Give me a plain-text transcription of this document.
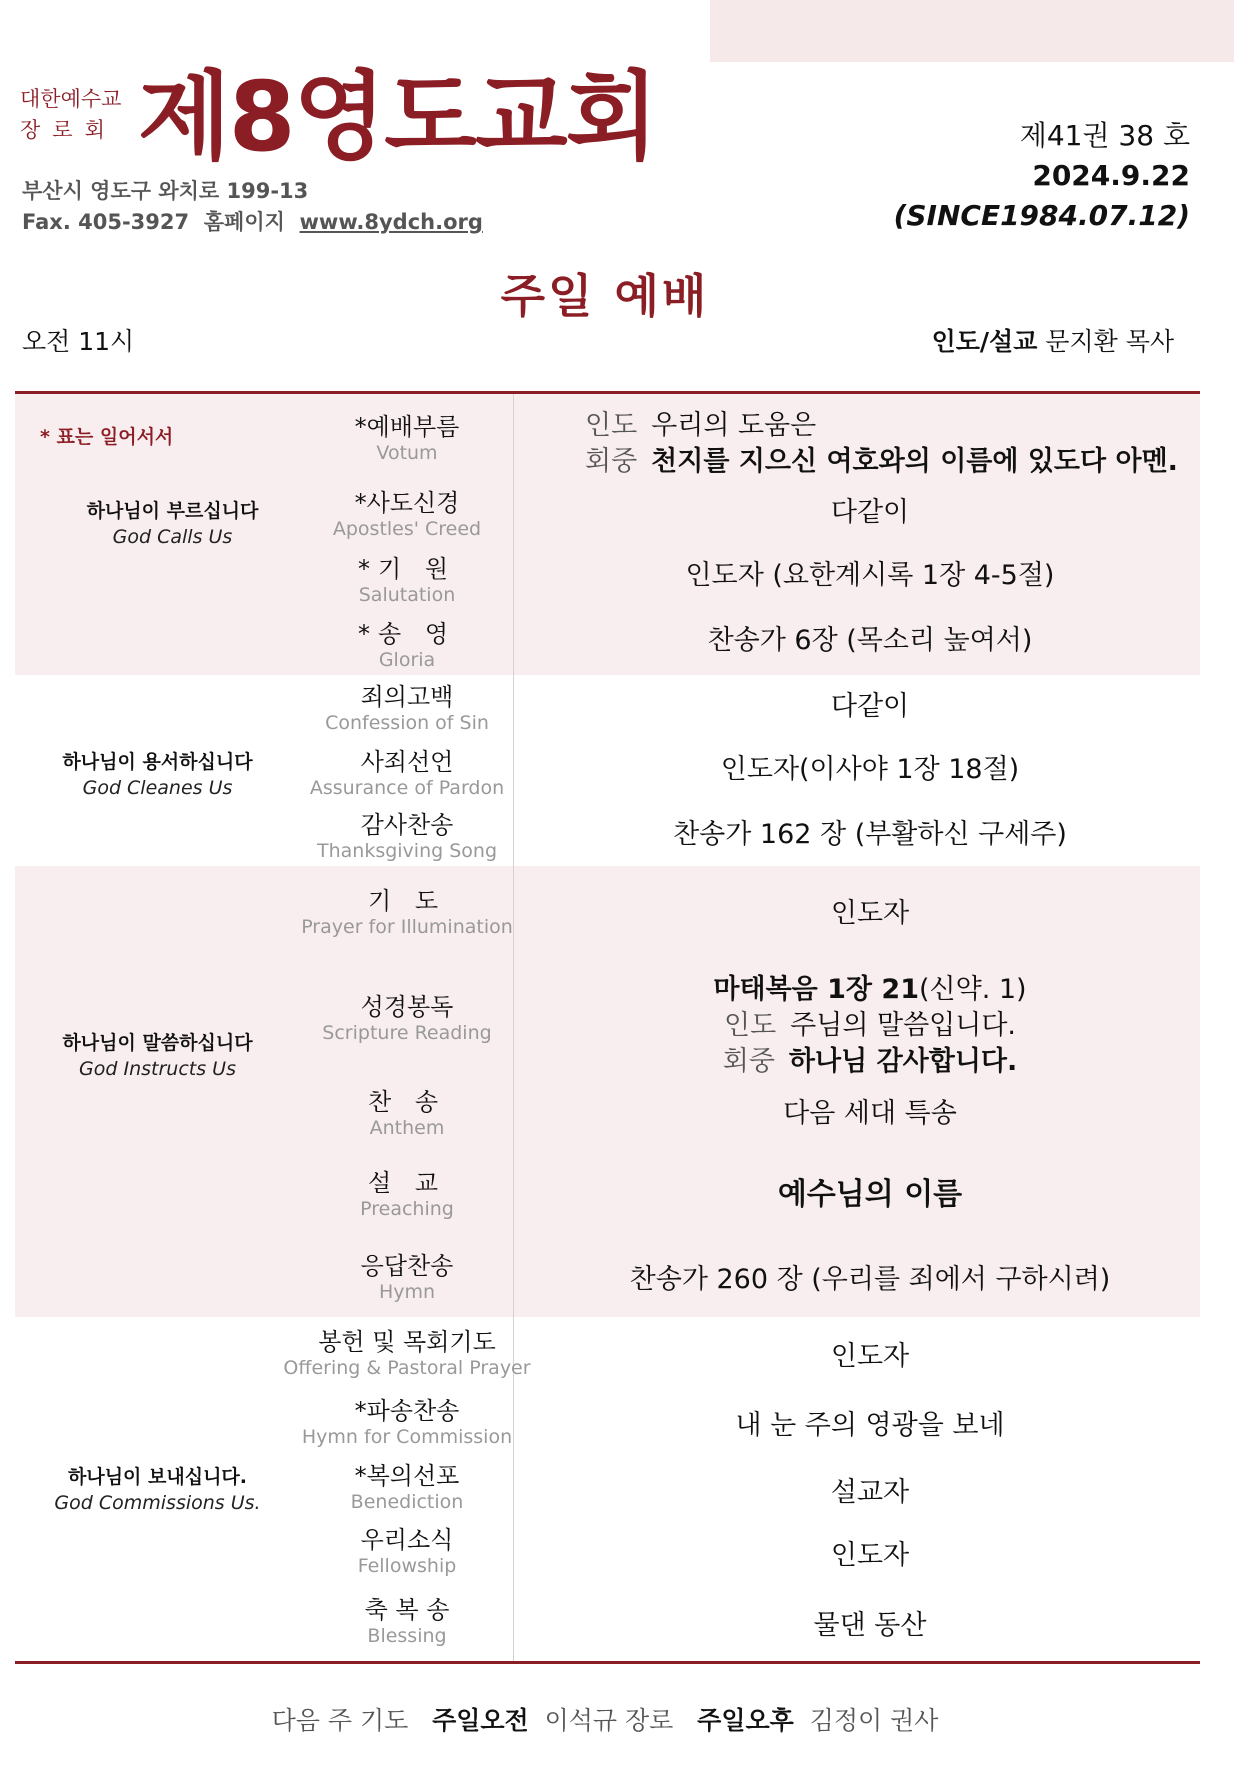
대한예수교
장로회 제8영도교회
부산시 영도구 와치로 199-13
Fax. 405-3927 홈페이지 www.8ydch.org
제41권 38 호
2024.9.22
(SINCE1984.07.12)
주일 예배
오전 11시	인도/설교 문지환 목사
* 표는 일어서서
하나님이 부르십니다
God Calls Us
하나님이 용서하십니다
God Cleanes Us
하나님이 말씀하십니다
God Instructs Us
하나님이 보내십니다.
God Commissions Us.
*예배부름
Votum
*사도신경
Apostles' Creed
*기 원
Salutation
*송 영
Gloria
죄의고백
Confession of Sin
사죄선언
Assurance of Pardon
감사찬송
Thanksgiving Song
기 도
Prayer for Illumination
성경봉독
Scripture Reading
찬 송
Anthem
설 교
Preaching
응답찬송
Hymn
봉헌 및 목회기도
Offering & Pastoral Prayer
*파송찬송
Hymn for Commission
*복의선포
Benediction
우리소식
Fellowship
축 복 송
Blessing
인도 우리의 도움은
회중 천지를 지으신 여호와의 이름에 있도다 아멘.
다같이
인도자 (요한계시록 1장 4-5절)
찬송가 6장 (목소리 높여서)
다같이
인도자(이사야 1장 18절)
찬송가 162 장 (부활하신 구세주)
인도자
마태복음 1장 21(신약. 1)
인도 주님의 말씀입니다.
회중 하나님 감사합니다.
다음 세대 특송
예수님의 이름
찬송가 260 장 (우리를 죄에서 구하시려)
인도자
내 눈 주의 영광을 보네
설교자
인도자
물댄 동산
다음 주 기도 주일오전 이석규 장로 주일오후 김정이 권사
